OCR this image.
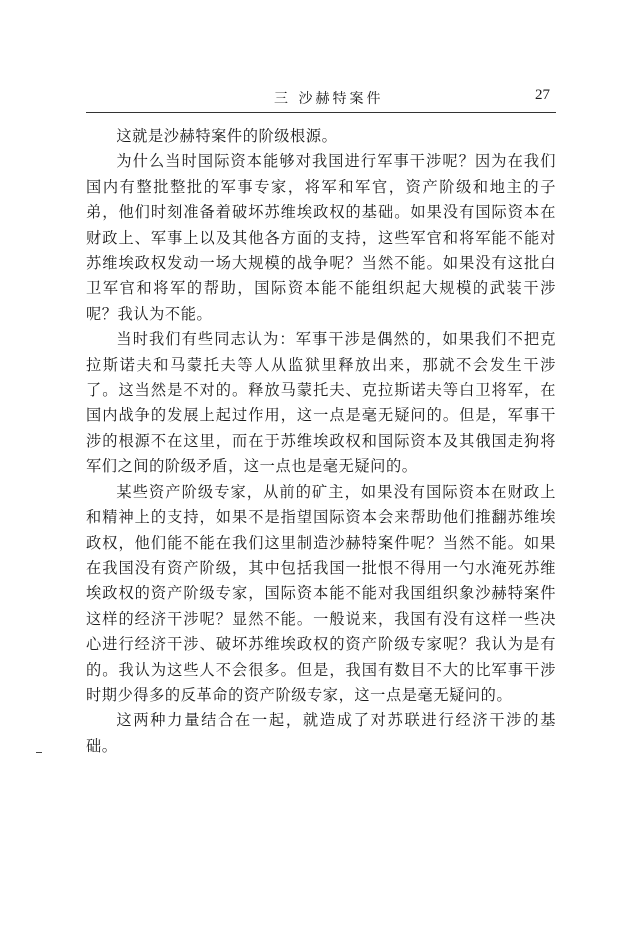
三 沙赫特案件	27

这就是沙赫特案件的阶级根源。

为什么当时国际资本能够对我国进行军事干涉呢？因为在我们国内有整批整批的军事专家，将军和军官，资产阶级和地主的子弟，他们时刻准备着破坏苏维埃政权的基础。如果没有国际资本在财政上、军事上以及其他各方面的支持，这些军官和将军能不能对苏维埃政权发动一场大规模的战争呢？当然不能。如果没有这批白卫军官和将军的帮助，国际资本能不能组织起大规模的武装干涉呢？我认为不能。

当时我们有些同志认为：军事干涉是偶然的，如果我们不把克拉斯诺夫和马蒙托夫等人从监狱里释放出来，那就不会发生干涉了。这当然是不对的。释放马蒙托夫、克拉斯诺夫等白卫将军，在国内战争的发展上起过作用，这一点是毫无疑问的。但是，军事干涉的根源不在这里，而在于苏维埃政权和国际资本及其俄国走狗将军们之间的阶级矛盾，这一点也是毫无疑问的。

某些资产阶级专家，从前的矿主，如果没有国际资本在财政上和精神上的支持，如果不是指望国际资本会来帮助他们推翻苏维埃政权，他们能不能在我们这里制造沙赫特案件呢？当然不能。如果在我国没有资产阶级，其中包括我国一批恨不得用一勺水淹死苏维埃政权的资产阶级专家，国际资本能不能对我国组织象沙赫特案件这样的经济干涉呢？显然不能。一般说来，我国有没有这样一些决心进行经济干涉、破坏苏维埃政权的资产阶级专家呢？我认为是有的。我认为这些人不会很多。但是，我国有数目不大的比军事干涉时期少得多的反革命的资产阶级专家，这一点是毫无疑问的。

这两种力量结合在一起，就造成了对苏联进行经济干涉的基础。
